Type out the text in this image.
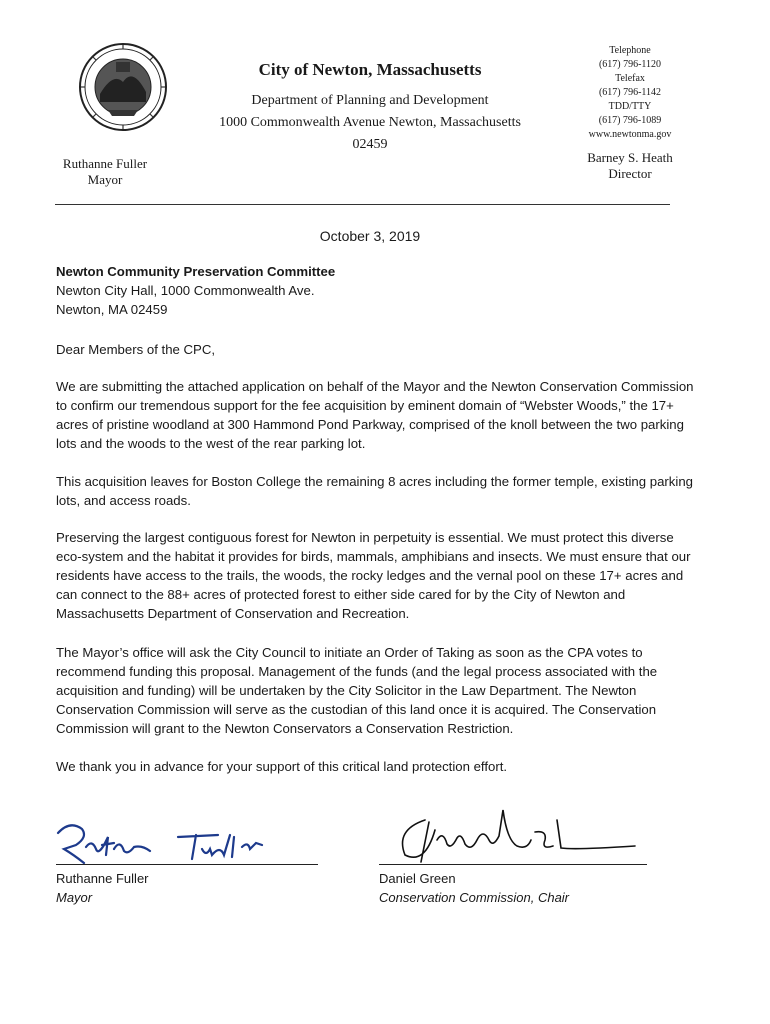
City of Newton, Massachusetts
Department of Planning and Development
1000 Commonwealth Avenue Newton, Massachusetts
02459
Telephone
(617) 796-1120
Telefax
(617) 796-1142
TDD/TTY
(617) 796-1089
www.newtonma.gov
Barney S. Heath
Director
Ruthanne Fuller
Mayor
October 3, 2019

Newton Community Preservation Committee

Newton City Hall, 1000 Commonwealth Ave.

Newton, MA 02459

Dear Members of the CPC,
We are submitting the attached application on behalf of the Mayor and the Newton Conservation Commission to confirm our tremendous support for the fee acquisition by eminent domain of “Webster Woods,” the 17+ acres of pristine woodland at 300 Hammond Pond Parkway, comprised of the knoll between the two parking lots and the woods to the west of the rear parking lot.
This acquisition leaves for Boston College the remaining 8 acres including the former temple, existing parking lots, and access roads.
Preserving the largest contiguous forest for Newton in perpetuity is essential. We must protect this diverse eco-system and the habitat it provides for birds, mammals, amphibians and insects. We must ensure that our residents have access to the trails, the woods, the rocky ledges and the vernal pool on these 17+ acres and can connect to the 88+ acres of protected forest to either side cared for by the City of Newton and Massachusetts Department of Conservation and Recreation.
The Mayor’s office will ask the City Council to initiate an Order of Taking as soon as the CPA votes to recommend funding this proposal. Management of the funds (and the legal process associated with the acquisition and funding) will be undertaken by the City Solicitor in the Law Department. The Newton Conservation Commission will serve as the custodian of this land once it is acquired. The Conservation Commission will grant to the Newton Conservators a Conservation Restriction.
We thank you in advance for your support of this critical land protection effort.
Ruthanne Fuller
Mayor
Daniel Green
Conservation Commission, Chair
